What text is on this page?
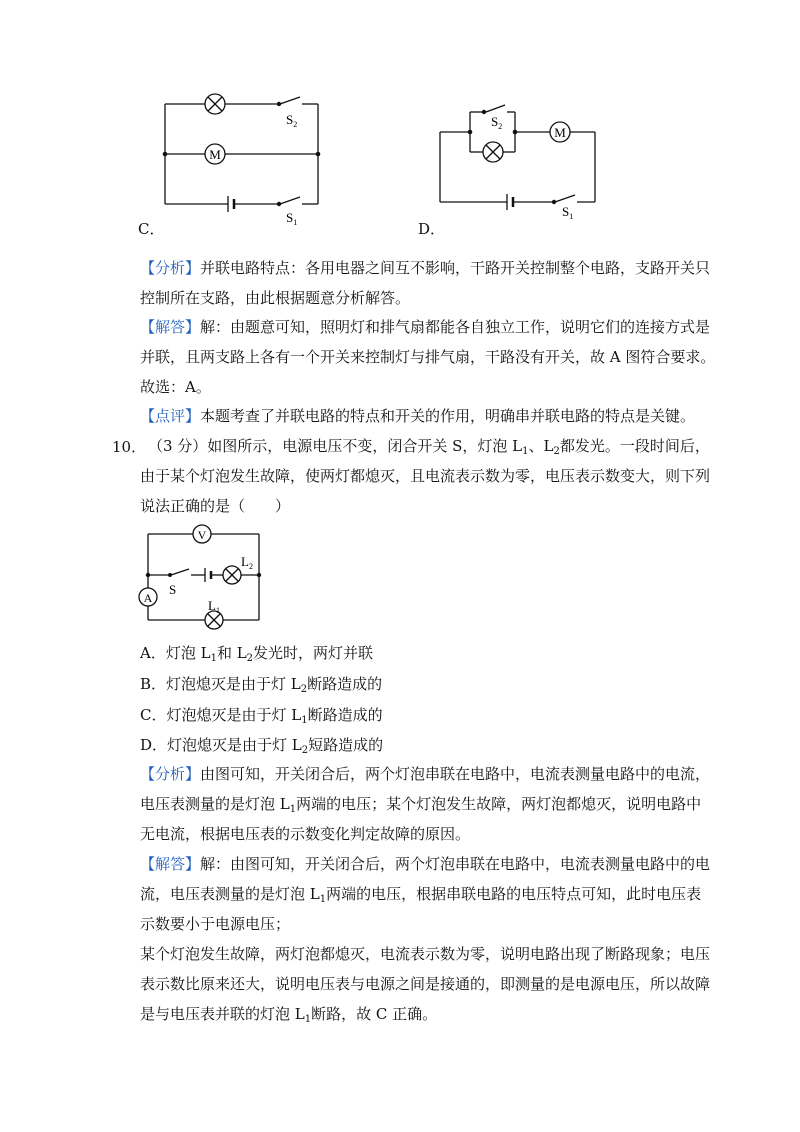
M
$S_2$
$S_1$
C．
M
$S_2$
$S_1$
D．
【分析】并联电路特点：各用电器之间互不影响，干路开关控制整个电路，支路开关只
控制所在支路，由此根据题意分析解答。
【解答】解：由题意可知，照明灯和排气扇都能各自独立工作，说明它们的连接方式是
并联，且两支路上各有一个开关来控制灯与排气扇，干路没有开关，故 A 图符合要求。
故选：A。
【点评】本题考查了并联电路的特点和开关的作用，明确串并联电路的特点是关键。
10． （3 分）如图所示，电源电压不变，闭合开关 S，灯泡 $L_1$、$L_2$都发光。一段时间后，
由于某个灯泡发生故障，使两灯都熄灭，且电流表示数为零，电压表示数变大，则下列
说法正确的是（　　）
V
A
S
$L_2$
$L_1$
A．灯泡 $L_1$和 $L_2$发光时，两灯并联
B．灯泡熄灭是由于灯 $L_2$断路造成的
C．灯泡熄灭是由于灯 $L_1$断路造成的
D．灯泡熄灭是由于灯 $L_2$短路造成的
【分析】由图可知，开关闭合后，两个灯泡串联在电路中，电流表测量电路中的电流，
电压表测量的是灯泡 $L_1$两端的电压；某个灯泡发生故障，两灯泡都熄灭，说明电路中
无电流，根据电压表的示数变化判定故障的原因。
【解答】解：由图可知，开关闭合后，两个灯泡串联在电路中，电流表测量电路中的电
流，电压表测量的是灯泡 $L_1$两端的电压，根据串联电路的电压特点可知，此时电压表
示数要小于电源电压；
某个灯泡发生故障，两灯泡都熄灭，电流表示数为零，说明电路出现了断路现象；电压
表示数比原来还大，说明电压表与电源之间是接通的，即测量的是电源电压，所以故障
是与电压表并联的灯泡 $L_1$断路，故 C 正确。
